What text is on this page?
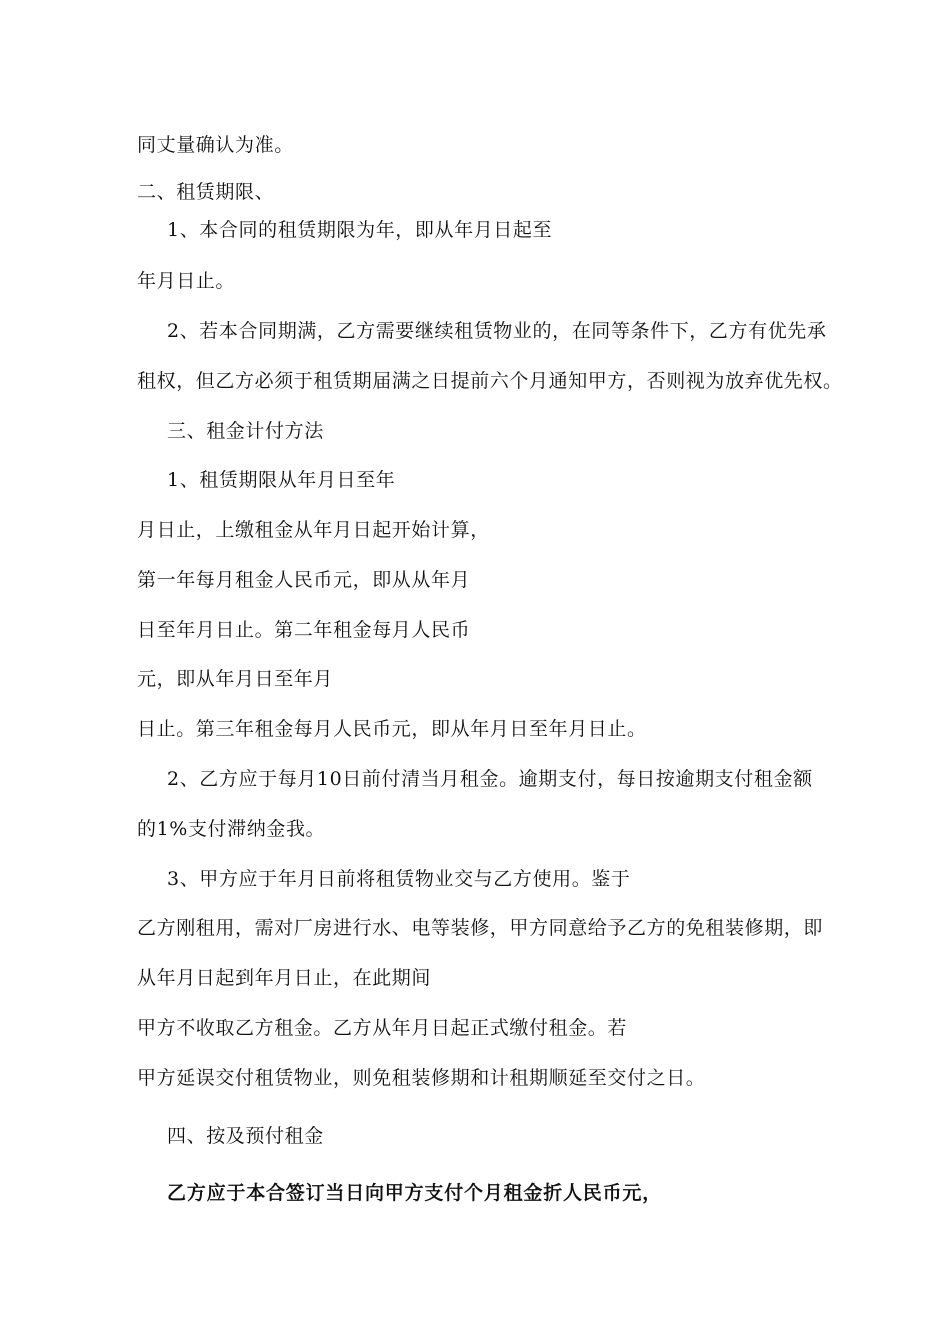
同丈量确认为准。
二、租赁期限、
1、本合同的租赁期限为年，即从年月日起至
年月日止。
2、若本合同期满，乙方需要继续租赁物业的，在同等条件下，乙方有优先承
租权，但乙方必须于租赁期届满之日提前六个月通知甲方，否则视为放弃优先权。
三、租金计付方法
1、租赁期限从年月日至年
月日止，上缴租金从年月日起开始计算，
第一年每月租金人民币元，即从从年月
日至年月日止。第二年租金每月人民币
元，即从年月日至年月
日止。第三年租金每月人民币元，即从年月日至年月日止。
2、乙方应于每月10日前付清当月租金。逾期支付，每日按逾期支付租金额
的1%支付滞纳金我。
3、甲方应于年月日前将租赁物业交与乙方使用。鉴于
乙方刚租用，需对厂房进行水、电等装修，甲方同意给予乙方的免租装修期，即
从年月日起到年月日止，在此期间
甲方不收取乙方租金。乙方从年月日起正式缴付租金。若
甲方延误交付租赁物业，则免租装修期和计租期顺延至交付之日。
四、按及预付租金
乙方应于本合签订当日向甲方支付个月租金折人民币元，
